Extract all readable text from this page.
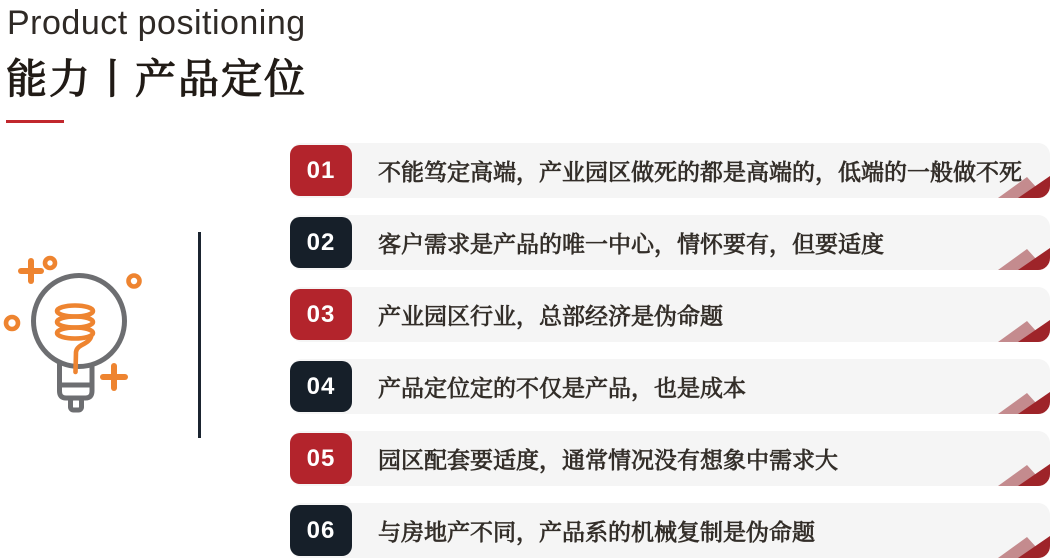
Product positioning
能力丨产品定位
不能笃定高端，产业园区做死的都是高端的，低端的一般做不死
01
客户需求是产品的唯一中心，情怀要有，但要适度
02
产业园区行业，总部经济是伪命题
03
产品定位定的不仅是产品，也是成本
04
园区配套要适度，通常情况没有想象中需求大
05
与房地产不同，产品系的机械复制是伪命题
06
